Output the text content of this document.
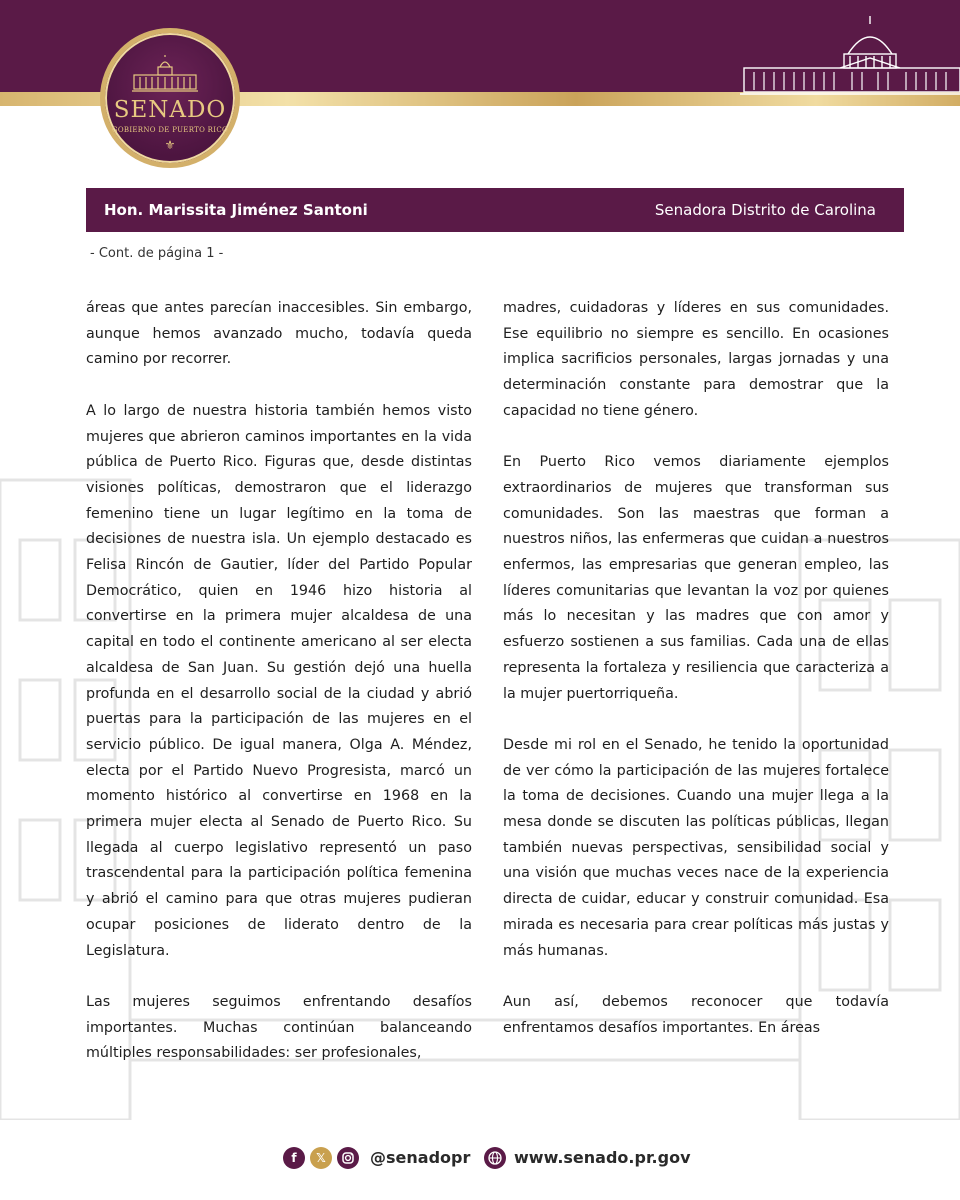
SENADO
GOBIERNO DE PUERTO RICO
⚜
Hon. Marissita Jiménez Santoni	Senadora Distrito de Carolina
- Cont. de página 1 -

áreas que antes parecían inaccesibles. Sin embargo, aunque hemos avanzado mucho, todavía queda camino por recorrer.

A lo largo de nuestra historia también hemos visto mujeres que abrieron caminos importantes en la vida pública de Puerto Rico. Figuras que, desde distintas visiones políticas, demostraron que el liderazgo femenino tiene un lugar legítimo en la toma de decisiones de nuestra isla. Un ejemplo destacado es Felisa Rincón de Gautier, líder del Partido Popular Democrático, quien en 1946 hizo historia al convertirse en la primera mujer alcaldesa de una capital en todo el continente americano al ser electa alcaldesa de San Juan. Su gestión dejó una huella profunda en el desarrollo social de la ciudad y abrió puertas para la participación de las mujeres en el servicio público. De igual manera, Olga A. Méndez, electa por el Partido Nuevo Progresista, marcó un momento histórico al convertirse en 1968 en la primera mujer electa al Senado de Puerto Rico. Su llegada al cuerpo legislativo representó un paso trascendental para la participación política femenina y abrió el camino para que otras mujeres pudieran ocupar posiciones de liderato dentro de la Legislatura.

Las mujeres seguimos enfrentando desafíos importantes. Muchas continúan balanceando múltiples responsabilidades: ser profesionales,

madres, cuidadoras y líderes en sus comunidades. Ese equilibrio no siempre es sencillo. En ocasiones implica sacrificios personales, largas jornadas y una determinación constante para demostrar que la capacidad no tiene género.

En Puerto Rico vemos diariamente ejemplos extraordinarios de mujeres que transforman sus comunidades. Son las maestras que forman a nuestros niños, las enfermeras que cuidan a nuestros enfermos, las empresarias que generan empleo, las líderes comunitarias que levantan la voz por quienes más lo necesitan y las madres que con amor y esfuerzo sostienen a sus familias. Cada una de ellas representa la fortaleza y resiliencia que caracteriza a la mujer puertorriqueña.

Desde mi rol en el Senado, he tenido la oportunidad de ver cómo la participación de las mujeres fortalece la toma de decisiones. Cuando una mujer llega a la mesa donde se discuten las políticas públicas, llegan también nuevas perspectivas, sensibilidad social y una visión que muchas veces nace de la experiencia directa de cuidar, educar y construir comunidad. Esa mirada es necesaria para crear políticas más justas y más humanas.

Aun así, debemos reconocer que todavía enfrentamos desafíos importantes. En áreas

f	𝕏	@senadopr	www.senado.pr.gov
